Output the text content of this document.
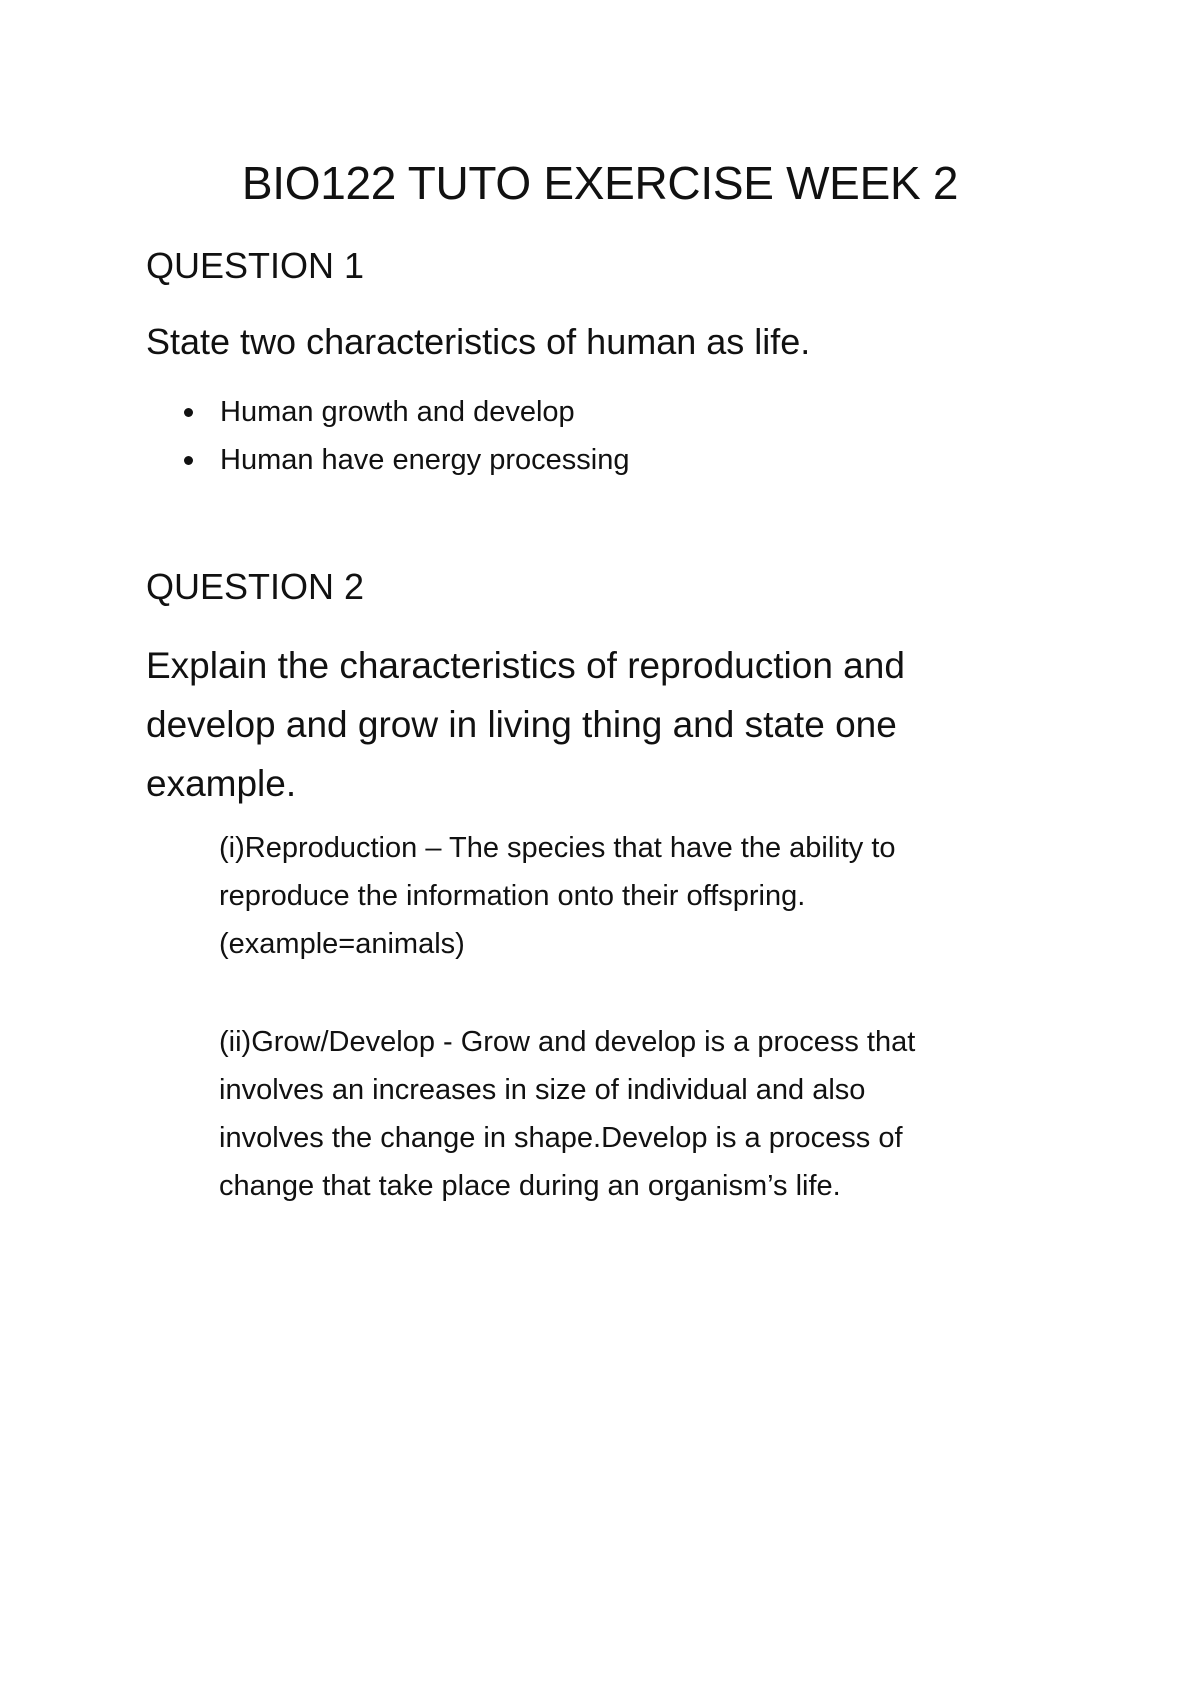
BIO122 TUTO EXERCISE WEEK 2
QUESTION 1
State two characteristics of human as life.
Human growth and develop
Human have energy processing
QUESTION 2

Explain the characteristics of reproduction and

develop and grow in living thing and state one

example.

(i)Reproduction – The species that have the ability to

reproduce the information onto their offspring.

(example=animals)

(ii)Grow/Develop - Grow and develop is a process that

involves an increases in size of individual and also

involves the change in shape.Develop is a process of

change that take place during an organism’s life.
